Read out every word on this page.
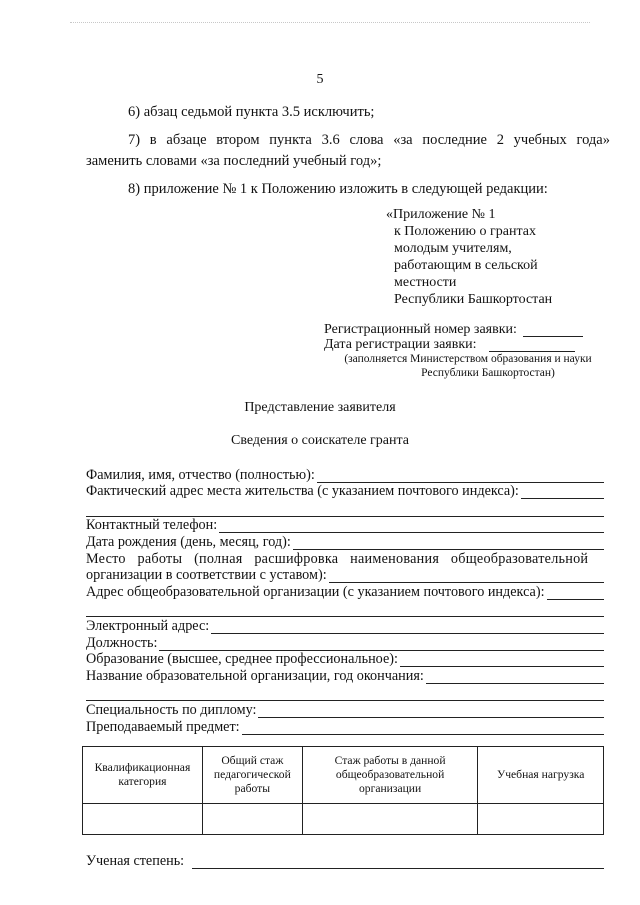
5
6) абзац седьмой пункта 3.5 исключить;
7) в абзаце втором пункта 3.6 слова «за последние 2 учебных года»
заменить словами «за последний учебный год»;
8) приложение № 1 к Положению изложить в следующей редакции:
«Приложение № 1
к Положению о грантах
молодым учителям,
работающим в сельской
местности
Республики Башкортостан
Регистрационный номер заявки:
Дата регистрации заявки:
(заполняется Министерством образования и науки
Республики Башкортостан)
Представление заявителя
Сведения о соискателе гранта
Фамилия, имя, отчество (полностью):
Фактический адрес места жительства (с указанием почтового индекса):
Контактный телефон:
Дата рождения (день, месяц, год):
Место работы (полная расшифровка наименования общеобразовательной
организации в соответствии с уставом):
Адрес общеобразовательной организации (с указанием почтового индекса):
Электронный адрес:
Должность:
Образование (высшее, среднее профессиональное):
Название образовательной организации, год окончания:
Специальность по диплому:
Преподаваемый предмет:
Квалификационная категория	Общий стаж педагогической работы	Стаж работы в данной общеобразовательной организации	Учебная нагрузка

Ученая степень:
